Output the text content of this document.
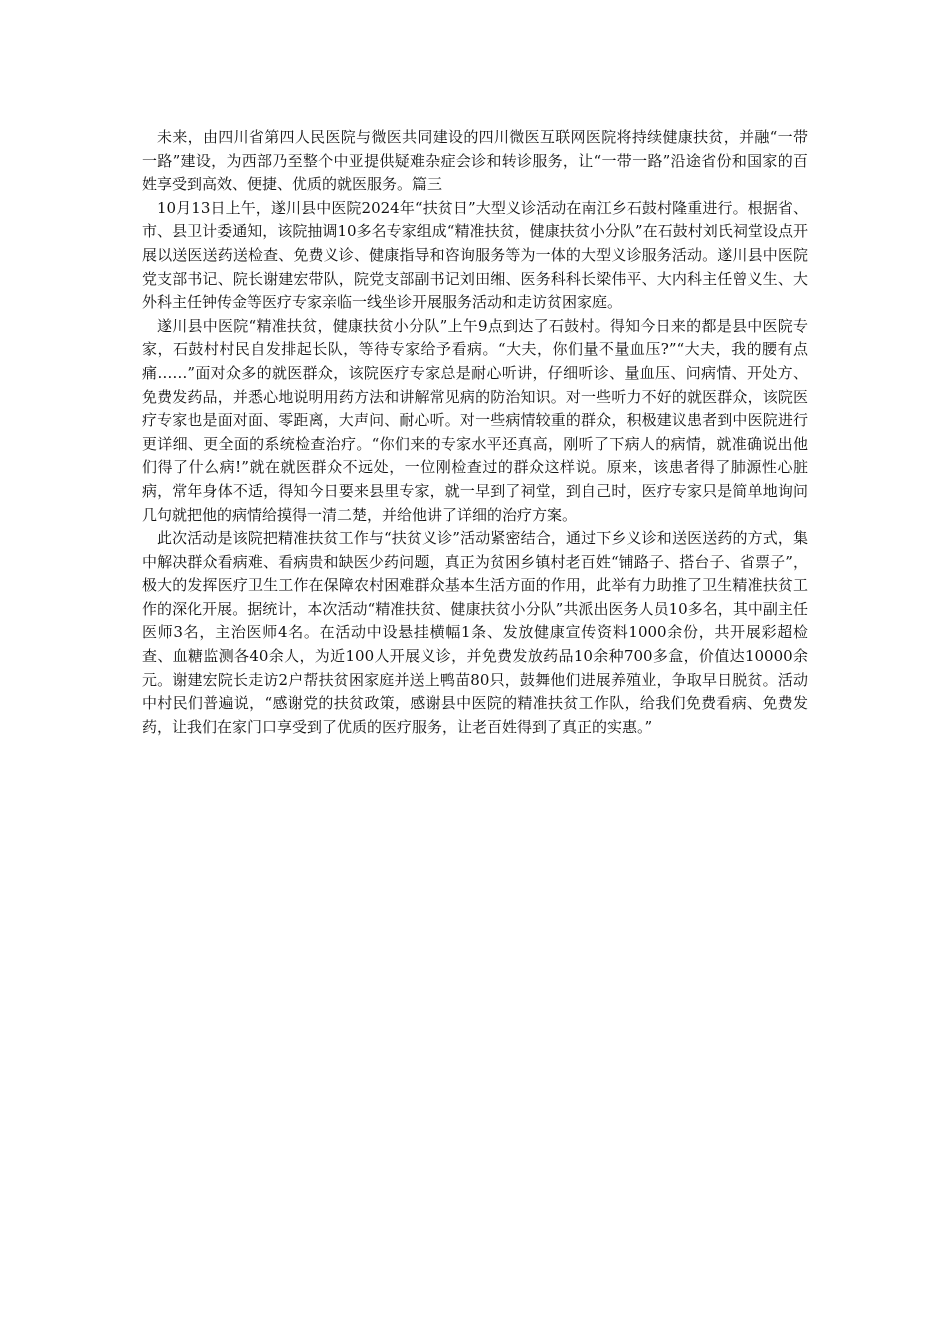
未来，由四川省第四人民医院与微医共同建设的四川微医互联网医院将持续健康扶贫，并融“一带一路”建设，为西部乃至整个中亚提供疑难杂症会诊和转诊服务，让“一带一路”沿途省份和国家的百姓享受到高效、便捷、优质的就医服务。篇三

10月13日上午，遂川县中医院2024年“扶贫日”大型义诊活动在南江乡石鼓村隆重进行。根据省、市、县卫计委通知，该院抽调10多名专家组成“精准扶贫，健康扶贫小分队”在石鼓村刘氏祠堂设点开展以送医送药送检查、免费义诊、健康指导和咨询服务等为一体的大型义诊服务活动。遂川县中医院党支部书记、院长谢建宏带队，院党支部副书记刘田缃、医务科科长梁伟平、大内科主任曾义生、大外科主任钟传金等医疗专家亲临一线坐诊开展服务活动和走访贫困家庭。

遂川县中医院“精准扶贫，健康扶贫小分队”上午9点到达了石鼓村。得知今日来的都是县中医院专家，石鼓村村民自发排起长队，等待专家给予看病。“大夫，你们量不量血压?”“大夫，我的腰有点痛……”面对众多的就医群众，该院医疗专家总是耐心听讲，仔细听诊、量血压、问病情、开处方、免费发药品，并悉心地说明用药方法和讲解常见病的防治知识。对一些听力不好的就医群众，该院医疗专家也是面对面、零距离，大声问、耐心听。对一些病情较重的群众，积极建议患者到中医院进行更详细、更全面的系统检查治疗。“你们来的专家水平还真高，刚听了下病人的病情，就准确说出他们得了什么病!”就在就医群众不远处，一位刚检查过的群众这样说。原来，该患者得了肺源性心脏病，常年身体不适，得知今日要来县里专家，就一早到了祠堂，到自己时，医疗专家只是简单地询问几句就把他的病情给摸得一清二楚，并给他讲了详细的治疗方案。

此次活动是该院把精准扶贫工作与“扶贫义诊”活动紧密结合，通过下乡义诊和送医送药的方式，集中解决群众看病难、看病贵和缺医少药问题，真正为贫困乡镇村老百姓“铺路子、搭台子、省票子”，极大的发挥医疗卫生工作在保障农村困难群众基本生活方面的作用，此举有力助推了卫生精准扶贫工作的深化开展。据统计，本次活动“精准扶贫、健康扶贫小分队”共派出医务人员10多名，其中副主任医师3名，主治医师4名。在活动中设悬挂横幅1条、发放健康宣传资料1000余份，共开展彩超检查、血糖监测各40余人，为近100人开展义诊，并免费发放药品10余种700多盒，价值达10000余元。谢建宏院长走访2户帮扶贫困家庭并送上鸭苗80只，鼓舞他们进展养殖业，争取早日脱贫。活动中村民们普遍说，“感谢党的扶贫政策，感谢县中医院的精准扶贫工作队，给我们免费看病、免费发药，让我们在家门口享受到了优质的医疗服务，让老百姓得到了真正的实惠。”
